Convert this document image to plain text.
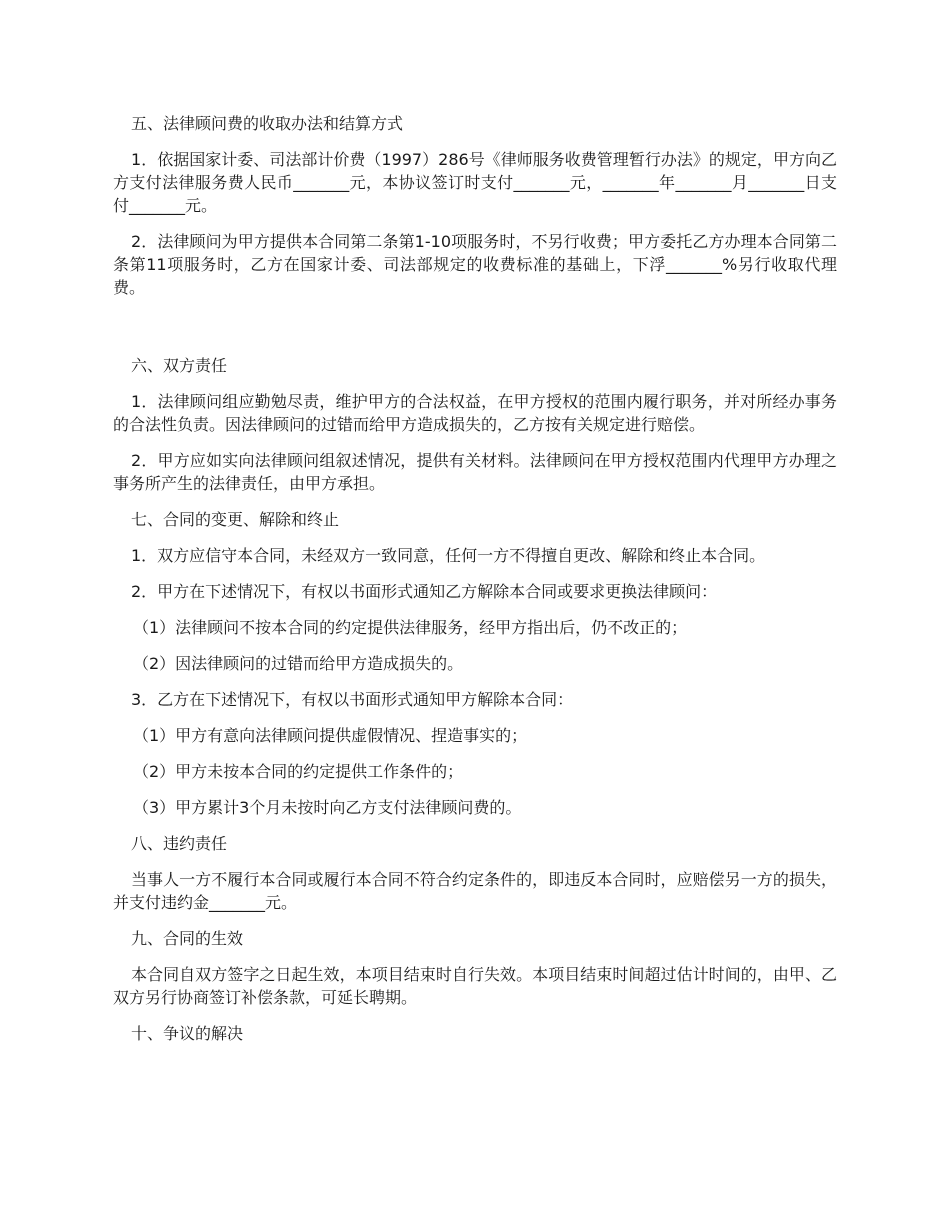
五、法律顾问费的收取办法和结算方式

1．依据国家计委、司法部计价费（1997）286号《律师服务收费管理暂行办法》的规定，甲方向乙方支付法律服务费人民币_______元，本协议签订时支付_______元，_______年_______月_______日支付_______元。

2．法律顾问为甲方提供本合同第二条第1-10项服务时，不另行收费；甲方委托乙方办理本合同第二条第11项服务时，乙方在国家计委、司法部规定的收费标准的基础上，下浮_______%另行收取代理费。

六、双方责任

1．法律顾问组应勤勉尽责，维护甲方的合法权益，在甲方授权的范围内履行职务，并对所经办事务的合法性负责。因法律顾问的过错而给甲方造成损失的，乙方按有关规定进行赔偿。

2．甲方应如实向法律顾问组叙述情况，提供有关材料。法律顾问在甲方授权范围内代理甲方办理之事务所产生的法律责任，由甲方承担。

七、合同的变更、解除和终止

1．双方应信守本合同，未经双方一致同意，任何一方不得擅自更改、解除和终止本合同。

2．甲方在下述情况下，有权以书面形式通知乙方解除本合同或要求更换法律顾问：

（1）法律顾问不按本合同的约定提供法律服务，经甲方指出后，仍不改正的；

（2）因法律顾问的过错而给甲方造成损失的。

3．乙方在下述情况下，有权以书面形式通知甲方解除本合同：

（1）甲方有意向法律顾问提供虚假情况、捏造事实的；

（2）甲方未按本合同的约定提供工作条件的；

（3）甲方累计3个月未按时向乙方支付法律顾问费的。

八、违约责任

当事人一方不履行本合同或履行本合同不符合约定条件的，即违反本合同时，应赔偿另一方的损失，并支付违约金_______元。

九、合同的生效

本合同自双方签字之日起生效，本项目结束时自行失效。本项目结束时间超过估计时间的，由甲、乙双方另行协商签订补偿条款，可延长聘期。

十、争议的解决
